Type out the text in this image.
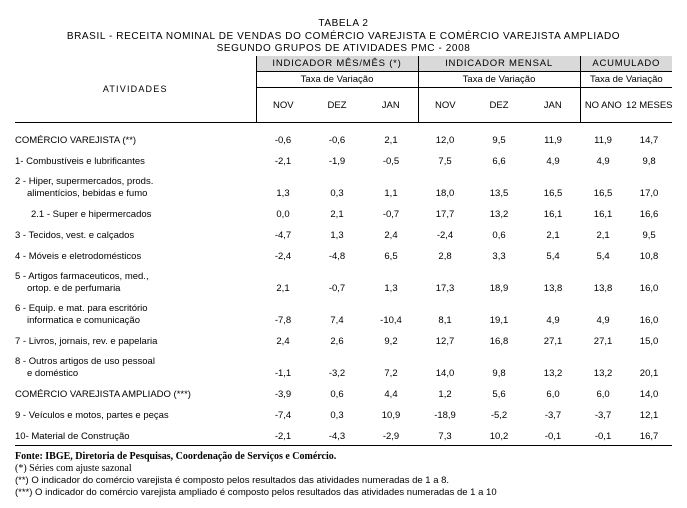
TABELA 2
BRASIL - RECEITA NOMINAL DE VENDAS DO COMÉRCIO VAREJISTA E COMÉRCIO VAREJISTA AMPLIADO
SEGUNDO GRUPOS DE ATIVIDADES PMC - 2008
ATIVIDADES	INDICADOR MÊS/MÊS (*)			INDICADOR MENSAL			ACUMULADO	
	Taxa de Variação			Taxa de Variação			Taxa de Variação	
	NOV	DEZ	JAN	NOV	DEZ	JAN	NO ANO	12 MESES
COMÉRCIO VAREJISTA (**)	-0,6	-0,6	2,1	12,0	9,5	11,9	11,9	14,7
1- Combustíveis e lubrificantes	-2,1	-1,9	-0,5	7,5	6,6	4,9	4,9	9,8
2 - Hiper, supermercados, prods.
alimentícios, bebidas e fumo	1,3	0,3	1,1	18,0	13,5	16,5	16,5	17,0
2.1 - Super e hipermercados	0,0	2,1	-0,7	17,7	13,2	16,1	16,1	16,6
3 - Tecidos, vest. e calçados	-4,7	1,3	2,4	-2,4	0,6	2,1	2,1	9,5
4 - Móveis e eletrodomésticos	-2,4	-4,8	6,5	2,8	3,3	5,4	5,4	10,8
5 - Artigos farmaceuticos, med.,
ortop. e de perfumaria	2,1	-0,7	1,3	17,3	18,9	13,8	13,8	16,0
6 - Equip. e mat. para escritório
informatica e comunicação	-7,8	7,4	-10,4	8,1	19,1	4,9	4,9	16,0
7 - Livros, jornais, rev. e papelaria	2,4	2,6	9,2	12,7	16,8	27,1	27,1	15,0
8 - Outros artigos de uso pessoal
e doméstico	-1,1	-3,2	7,2	14,0	9,8	13,2	13,2	20,1
COMÉRCIO VAREJISTA AMPLIADO (***)	-3,9	0,6	4,4	1,2	5,6	6,0	6,0	14,0
9 - Veículos e motos, partes e peças	-7,4	0,3	10,9	-18,9	-5,2	-3,7	-3,7	12,1
10- Material de Construção	-2,1	-4,3	-2,9	7,3	10,2	-0,1	-0,1	16,7
Fonte: IBGE, Diretoria de Pesquisas, Coordenação de Serviços e Comércio.
(*) Séries com ajuste sazonal
(**) O indicador do comércio varejista é composto pelos resultados das atividades numeradas de 1 a 8.
(***) O indicador do comércio varejista ampliado é composto pelos resultados das atividades numeradas de 1 a 10
